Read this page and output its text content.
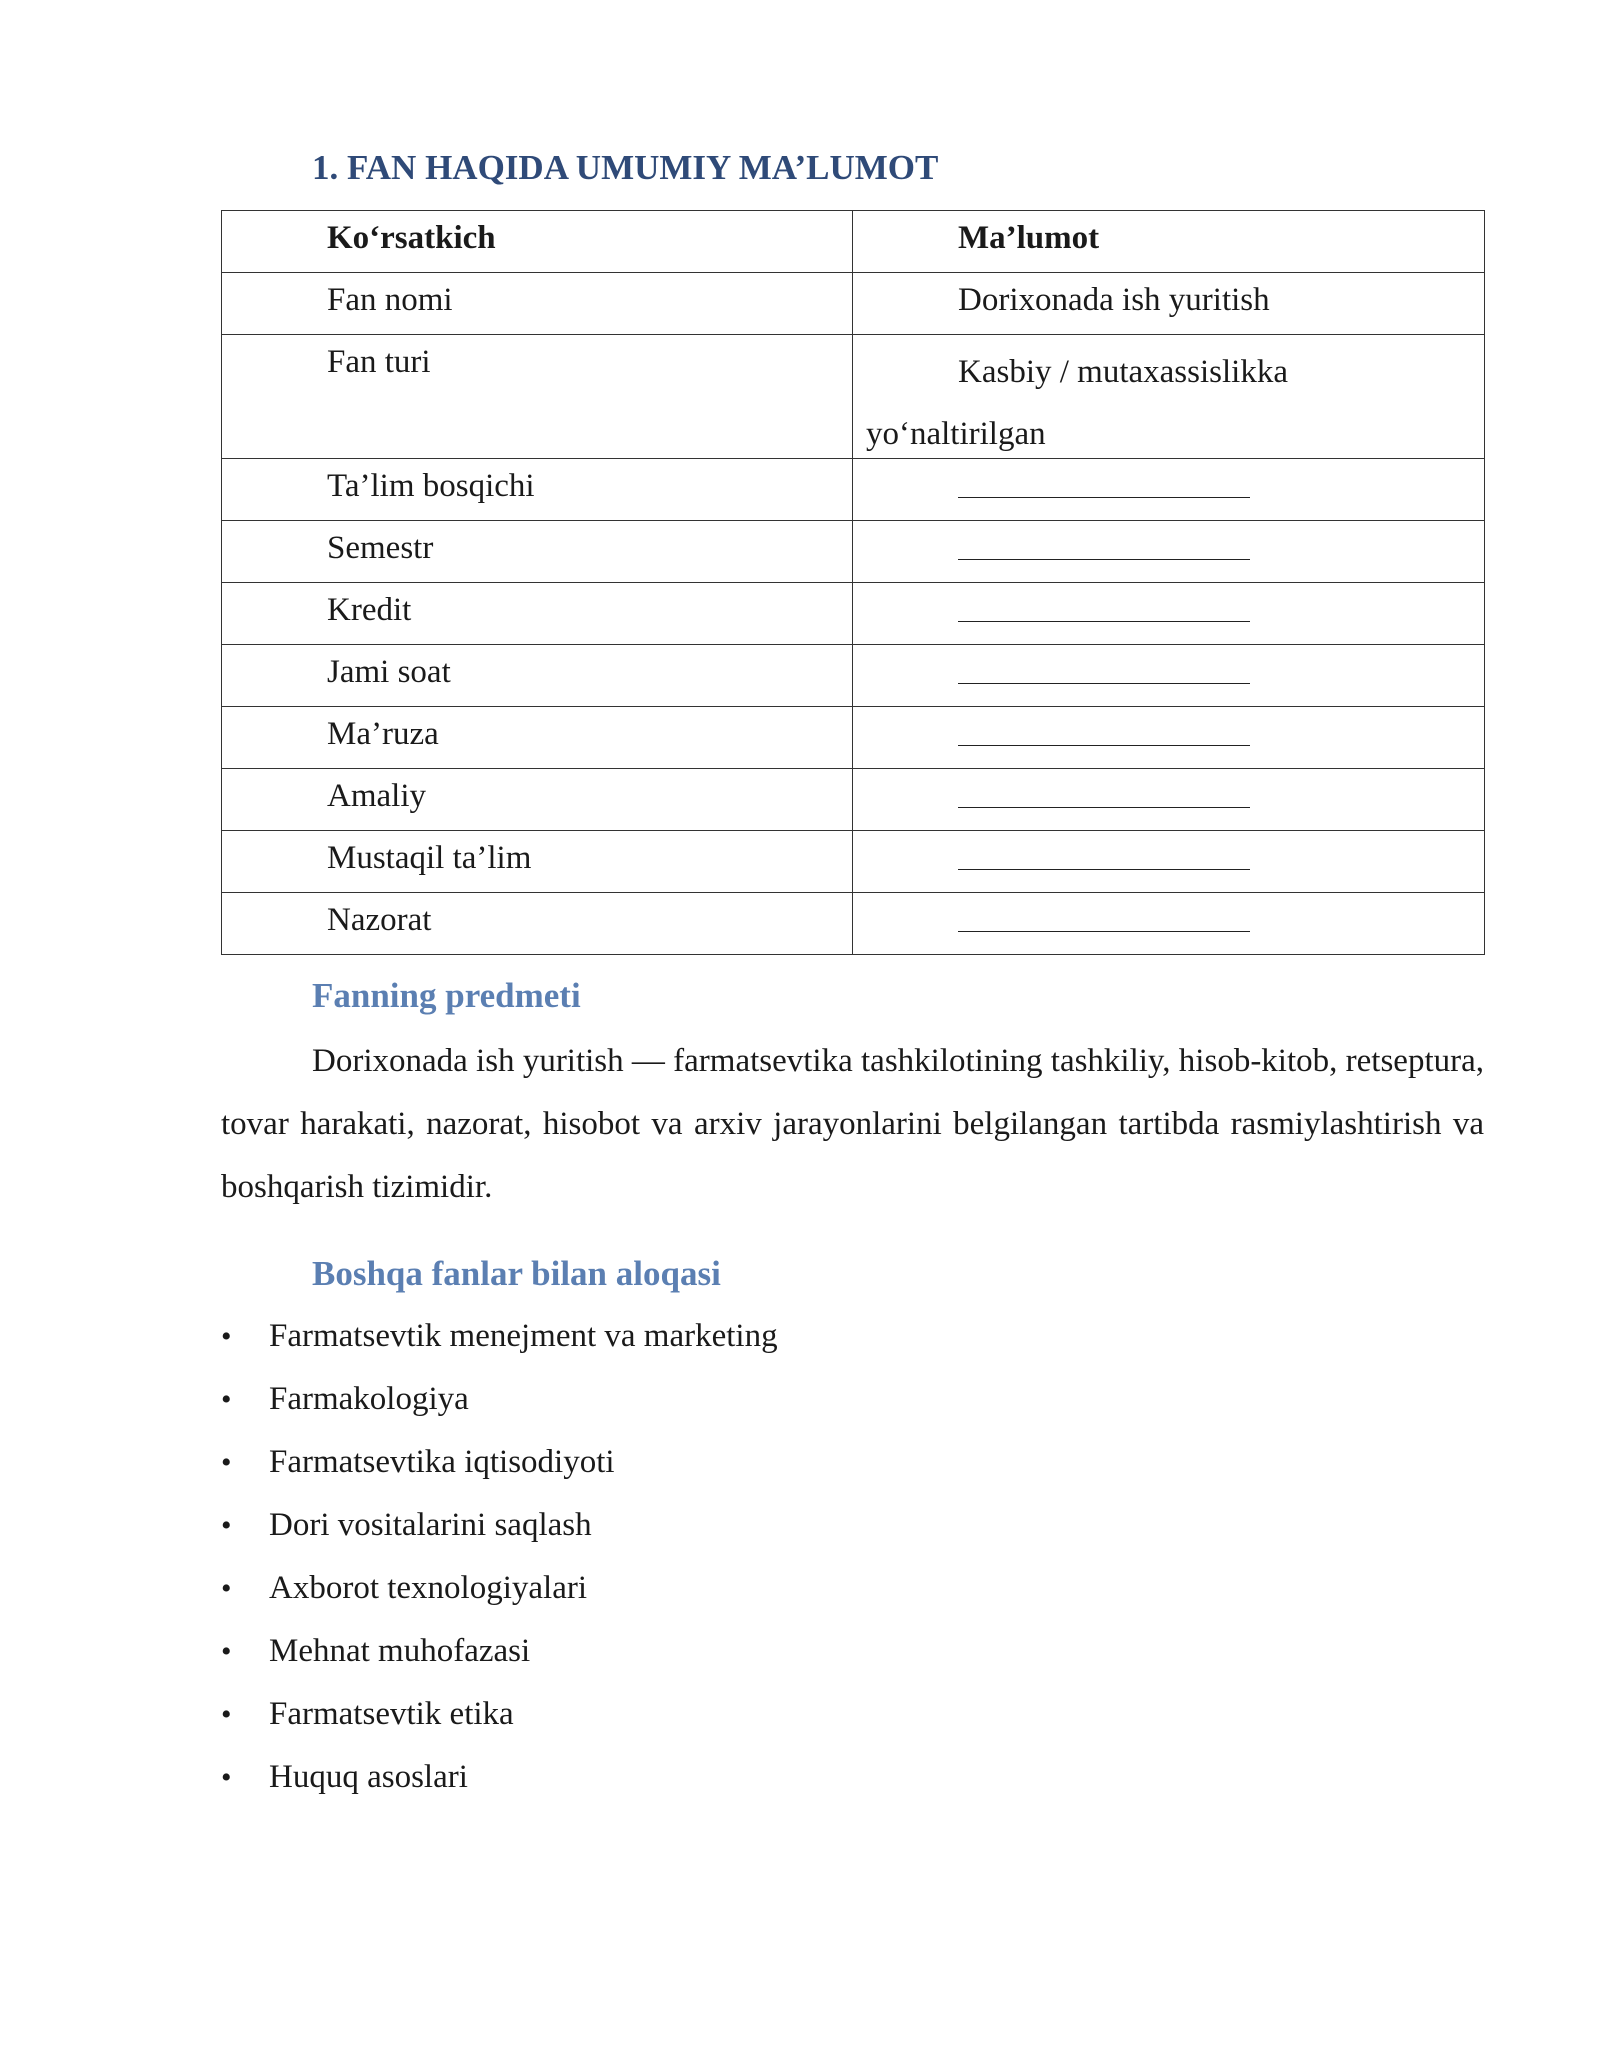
1. FAN HAQIDA UMUMIY MA’LUMOT
Ko‘rsatkich	Ma’lumot

Fan nomi	Dorixonada ish yuritish

Fan turi	Kasbiy / mutaxassislikka
yo‘naltirilgan

Ta’lim bosqichi	

Semestr	

Kredit	

Jami soat	

Ma’ruza	

Amaliy	

Mustaqil ta’lim	

Nazorat	

Fanning predmeti

Dorixonada ish yuritish — farmatsevtika tashkilotining tashkiliy, hisob-kitob, retseptura, tovar harakati, nazorat, hisobot va arxiv jarayonlarini belgilangan tartibda rasmiylashtirish va boshqarish tizimidir.

Boshqa fanlar bilan aloqasi
•	Farmatsevtik menejment va marketing
•	Farmakologiya
•	Farmatsevtika iqtisodiyoti
•	Dori vositalarini saqlash
•	Axborot texnologiyalari
•	Mehnat muhofazasi
•	Farmatsevtik etika
•	Huquq asoslari
